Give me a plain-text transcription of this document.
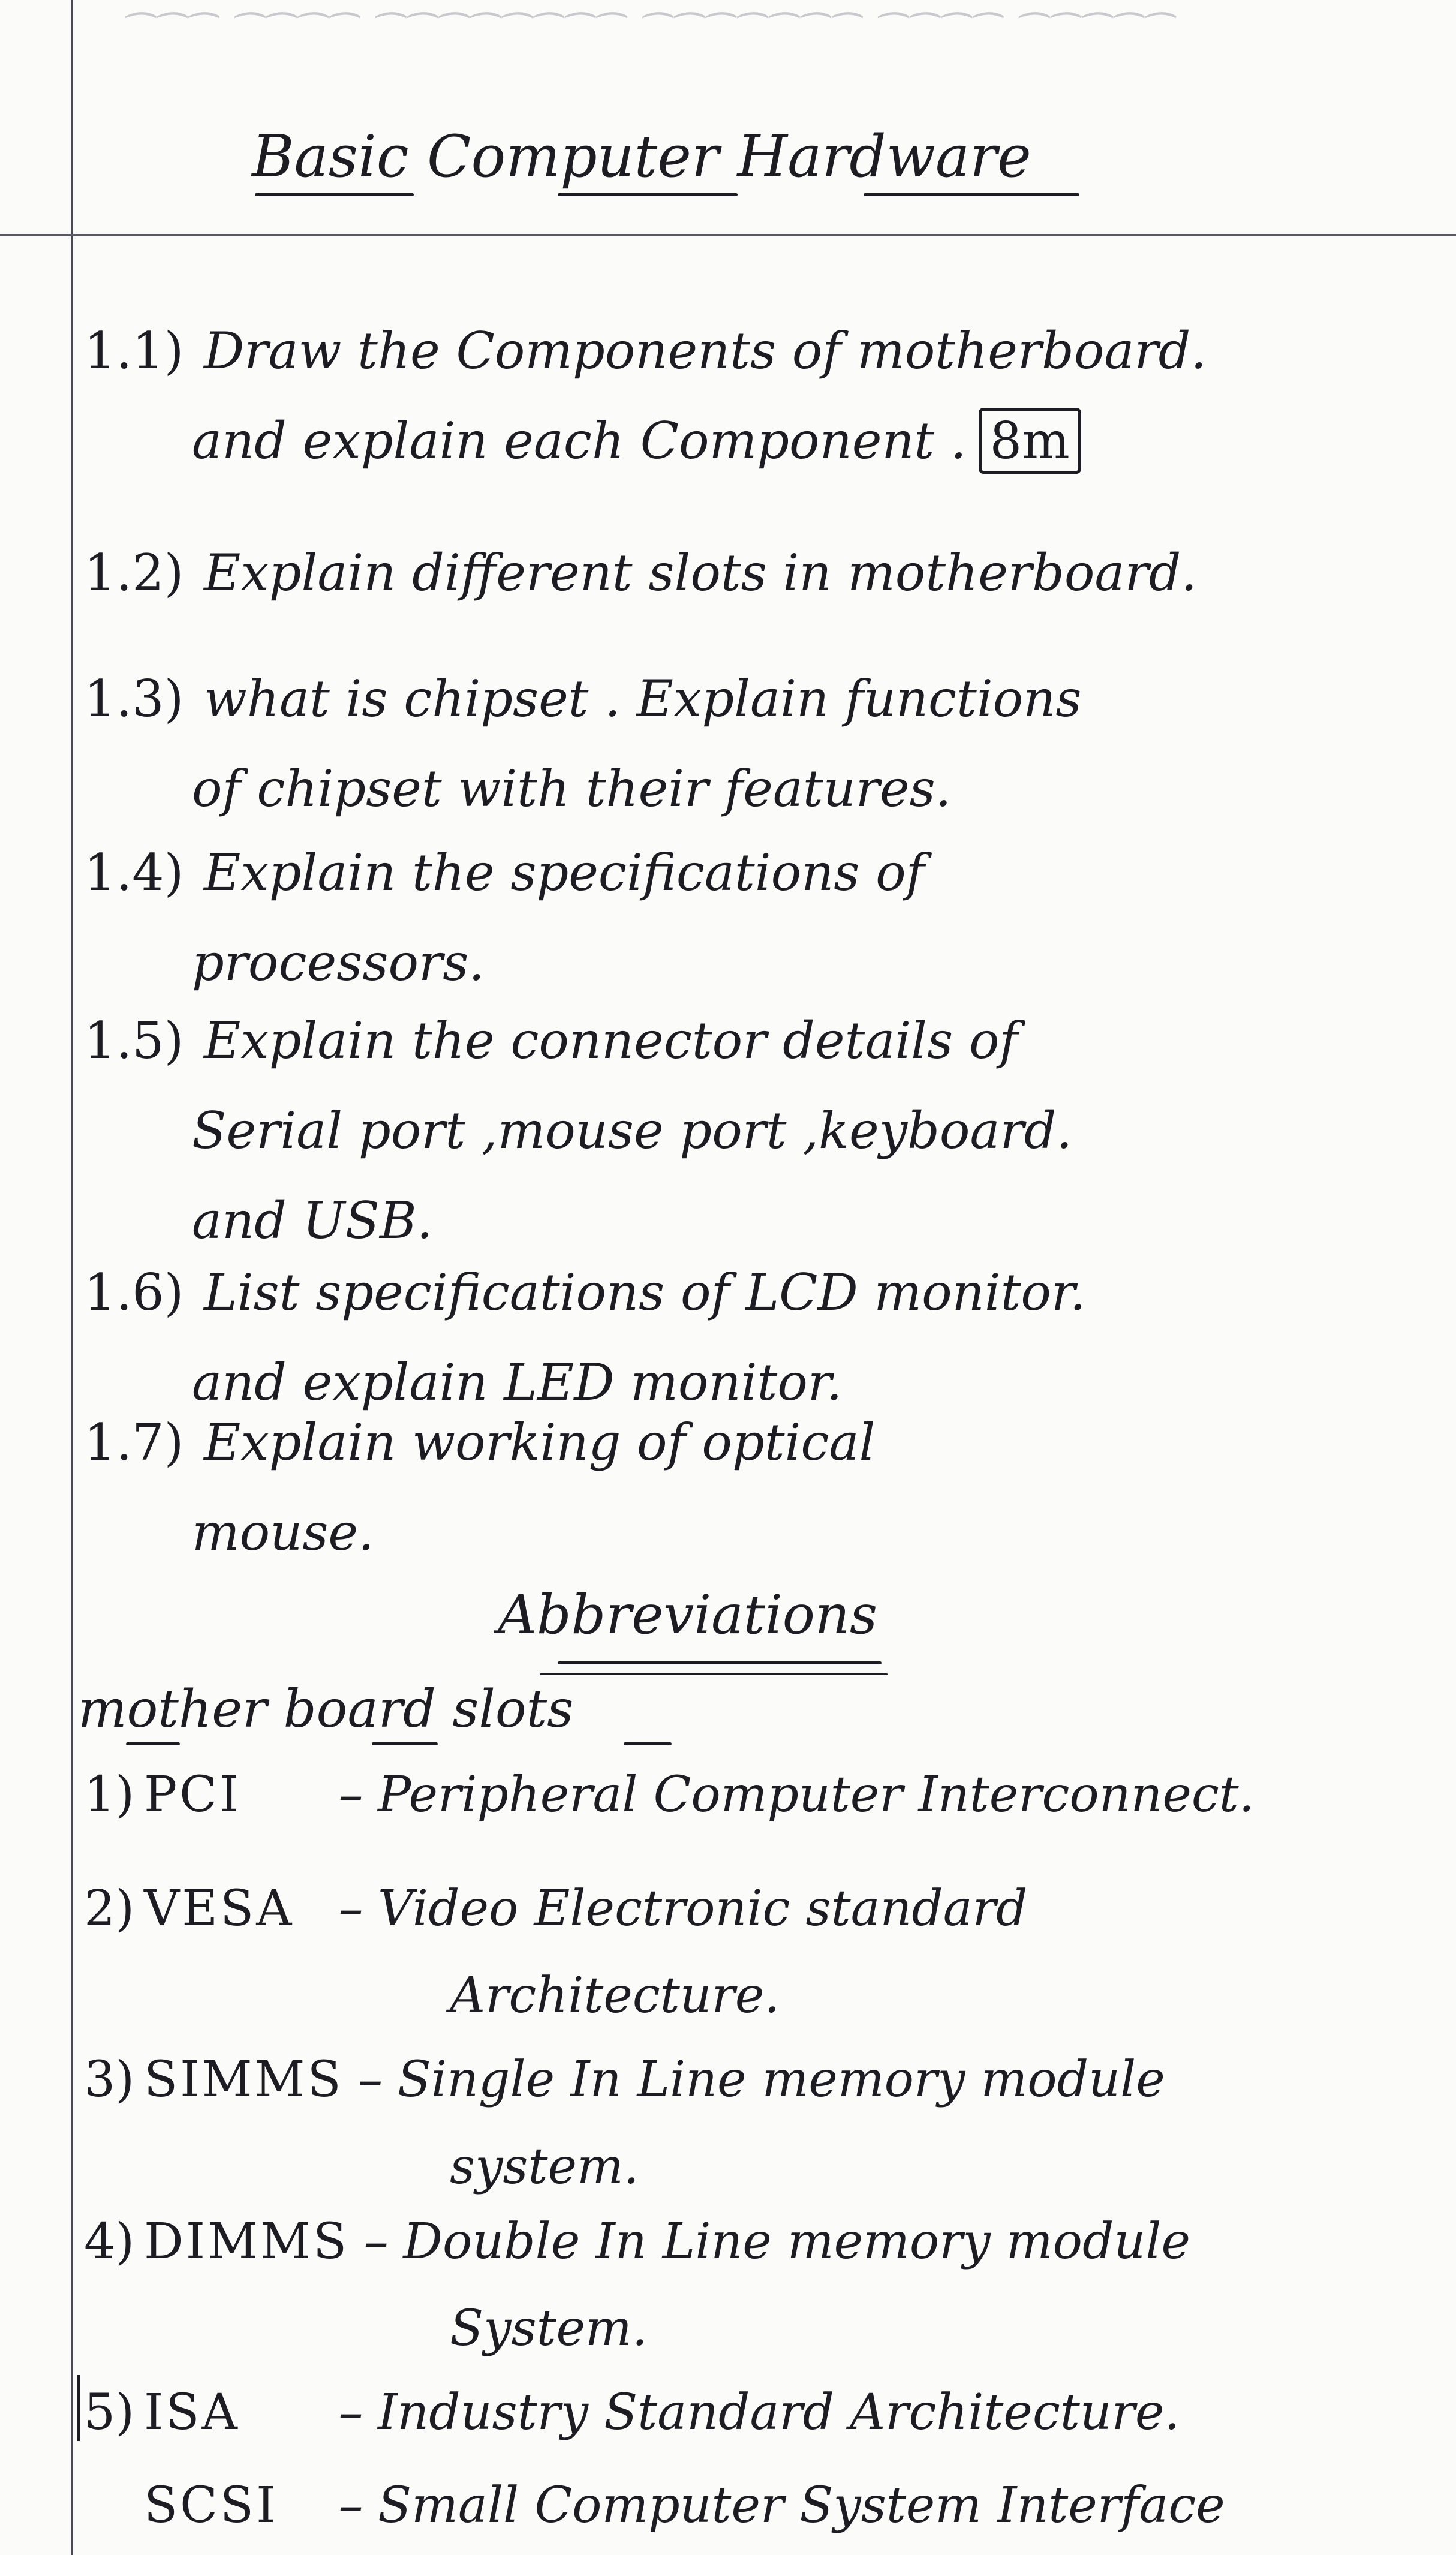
⁀⁀⁀ ⁀⁀⁀⁀ ⁀⁀⁀⁀⁀⁀⁀⁀ ⁀⁀⁀⁀⁀⁀⁀ ⁀⁀⁀⁀ ⁀⁀⁀⁀⁀
Basic Computer Hardware
1.1) Draw the Components of motherboard.
and explain each Component . 8m
1.2) Explain different slots in motherboard.
1.3) what is chipset . Explain functions
of chipset with their features.
1.4) Explain the specifications of
processors.
1.5) Explain the connector details of
Serial port ,mouse port ,keyboard.
and USB.
1.6) List specifications of LCD monitor.
and explain LED monitor.
1.7) Explain working of optical
mouse.
Abbreviations
mother board slots
1) PCI – Peripheral Computer Interconnect.
2) VESA – Video Electronic standard
Architecture.
3) SIMMS – Single In Line memory module
system.
4) DIMMS – Double In Line memory module
System.
5) ISA – Industry Standard Architecture.
SCSI – Small Computer System Interface
